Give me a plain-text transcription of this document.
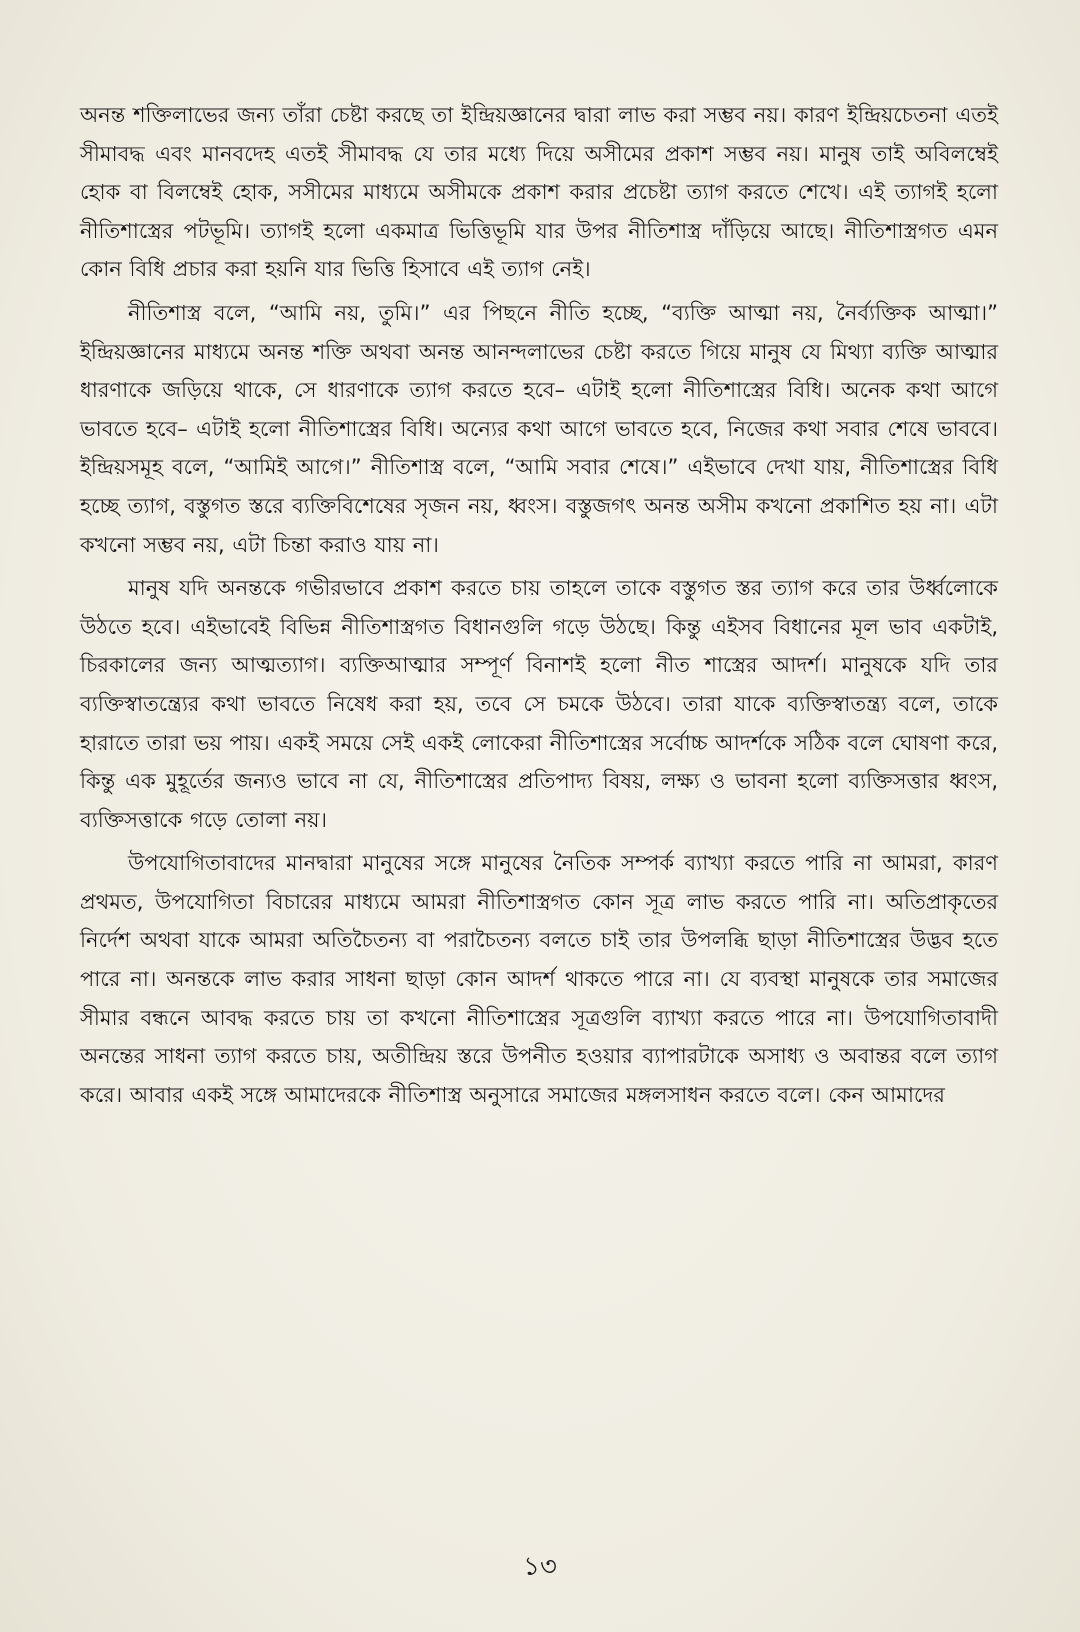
অনন্ত শক্তিলাভের জন্য তাঁরা চেষ্টা করছে তা ইন্দ্রিয়জ্ঞানের দ্বারা লাভ করা সম্ভব নয়। কারণ ইন্দ্রিয়চেতনা এতই সীমাবদ্ধ এবং মানবদেহ এতই সীমাবদ্ধ যে তার মধ্যে দিয়ে অসীমের প্রকাশ সম্ভব নয়। মানুষ তাই অবিলম্বেই হোক বা বিলম্বেই হোক, সসীমের মাধ্যমে অসীমকে প্রকাশ করার প্রচেষ্টা ত্যাগ করতে শেখে। এই ত্যাগই হলো নীতিশাস্ত্রের পটভূমি। ত্যাগই হলো একমাত্র ভিত্তিভূমি যার উপর নীতিশাস্ত্র দাঁড়িয়ে আছে। নীতিশাস্ত্রগত এমন কোন বিধি প্রচার করা হয়নি যার ভিত্তি হিসাবে এই ত্যাগ নেই।

নীতিশাস্ত্র বলে, “আমি নয়, তুমি।” এর পিছনে নীতি হচ্ছে, “ব্যক্তি আত্মা নয়, নৈর্ব্যক্তিক আত্মা।” ইন্দ্রিয়জ্ঞানের মাধ্যমে অনন্ত শক্তি অথবা অনন্ত আনন্দলাভের চেষ্টা করতে গিয়ে মানুষ যে মিথ্যা ব্যক্তি আত্মার ধারণাকে জড়িয়ে থাকে, সে ধারণাকে ত্যাগ করতে হবে– এটাই হলো নীতিশাস্ত্রের বিধি। অনেক কথা আগে ভাবতে হবে– এটাই হলো নীতিশাস্ত্রের বিধি। অন্যের কথা আগে ভাবতে হবে, নিজের কথা সবার শেষে ভাববে। ইন্দ্রিয়সমূহ বলে, “আমিই আগে।” নীতিশাস্ত্র বলে, “আমি সবার শেষে।” এইভাবে দেখা যায়, নীতিশাস্ত্রের বিধি হচ্ছে ত্যাগ, বস্তুগত স্তরে ব্যক্তিবিশেষের সৃজন নয়, ধ্বংস। বস্তুজগৎ অনন্ত অসীম কখনো প্রকাশিত হয় না। এটা কখনো সম্ভব নয়, এটা চিন্তা করাও যায় না।

মানুষ যদি অনন্তকে গভীরভাবে প্রকাশ করতে চায় তাহলে তাকে বস্তুগত স্তর ত্যাগ করে তার উর্ধ্বলোকে উঠতে হবে। এইভাবেই বিভিন্ন নীতিশাস্ত্রগত বিধানগুলি গড়ে উঠছে। কিন্তু এইসব বিধানের মূল ভাব একটাই, চিরকালের জন্য আত্মত্যাগ। ব্যক্তিআত্মার সম্পূর্ণ বিনাশই হলো নীত শাস্ত্রের আদর্শ। মানুষকে যদি তার ব্যক্তিস্বাতন্ত্র্যের কথা ভাবতে নিষেধ করা হয়, তবে সে চমকে উঠবে। তারা যাকে ব্যক্তিস্বাতন্ত্র্য বলে, তাকে হারাতে তারা ভয় পায়। একই সময়ে সেই একই লোকেরা নীতিশাস্ত্রের সর্বোচ্চ আদর্শকে সঠিক বলে ঘোষণা করে, কিন্তু এক মুহূর্তের জন্যও ভাবে না যে, নীতিশাস্ত্রের প্রতিপাদ্য বিষয়, লক্ষ্য ও ভাবনা হলো ব্যক্তিসত্তার ধ্বংস, ব্যক্তিসত্তাকে গড়ে তোলা নয়।

উপযোগিতাবাদের মানদ্বারা মানুষের সঙ্গে মানুষের নৈতিক সম্পর্ক ব্যাখ্যা করতে পারি না আমরা, কারণ প্রথমত, উপযোগিতা বিচারের মাধ্যমে আমরা নীতিশাস্ত্রগত কোন সূত্র লাভ করতে পারি না। অতিপ্রাকৃতের নির্দেশ অথবা যাকে আমরা অতিচৈতন্য বা পরাচৈতন্য বলতে চাই তার উপলব্ধি ছাড়া নীতিশাস্ত্রের উদ্ভব হতে পারে না। অনন্তকে লাভ করার সাধনা ছাড়া কোন আদর্শ থাকতে পারে না। যে ব্যবস্থা মানুষকে তার সমাজের সীমার বন্ধনে আবদ্ধ করতে চায় তা কখনো নীতিশাস্ত্রের সূত্রগুলি ব্যাখ্যা করতে পারে না। উপযোগিতাবাদী অনন্তের সাধনা ত্যাগ করতে চায়, অতীন্দ্রিয় স্তরে উপনীত হওয়ার ব্যাপারটাকে অসাধ্য ও অবান্তর বলে ত্যাগ করে। আবার একই সঙ্গে আমাদেরকে নীতিশাস্ত্র অনুসারে সমাজের মঙ্গলসাধন করতে বলে। কেন আমাদের

১৩
